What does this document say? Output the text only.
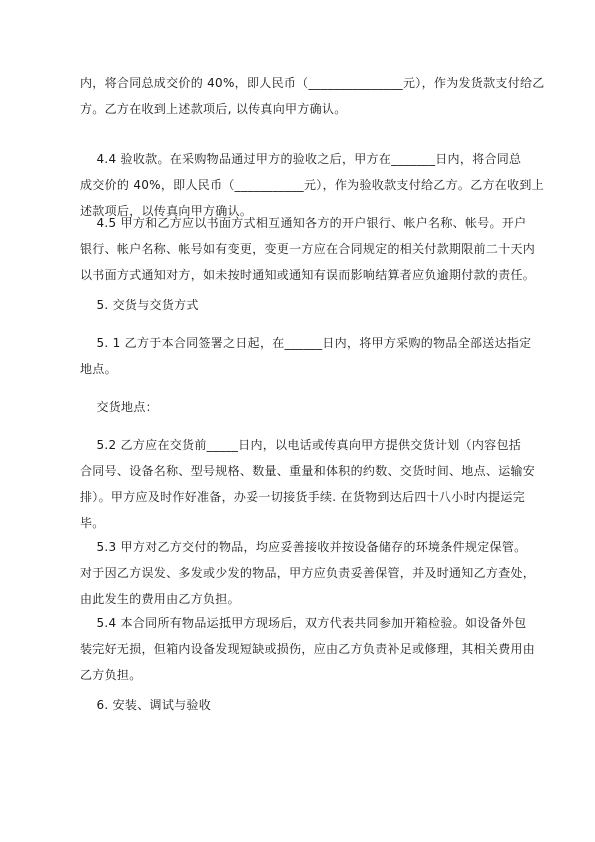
内，将合同总成交价的 40%，即人民币（_______________元），作为发货款支付给乙
方。乙方在收到上述款项后, 以传真向甲方确认。

4.4 验收款。在采购物品通过甲方的验收之后，甲方在_______日内，将合同总
成交价的 40%，即人民币（___________元），作为验收款支付给乙方。乙方在收到上
述款项后，以传真向甲方确认。

4.5 甲方和乙方应以书面方式相互通知各方的开户银行、帐户名称、帐号。开户
银行、帐户名称、帐号如有变更，变更一方应在合同规定的相关付款期限前二十天内
以书面方式通知对方，如未按时通知或通知有误而影响结算者应负逾期付款的责任。

5. 交货与交货方式

5. 1 乙方于本合同签署之日起，在______日内，将甲方采购的物品全部送达指定
地点。

交货地点：

5.2 乙方应在交货前_____日内，以电话或传真向甲方提供交货计划（内容包括
合同号、设备名称、型号规格、数量、重量和体积的约数、交货时间、地点、运输安
排）。甲方应及时作好准备，办妥一切接货手续. 在货物到达后四十八小时内提运完
毕。

5.3 甲方对乙方交付的物品，均应妥善接收并按设备储存的环境条件规定保管。
对于因乙方误发、多发或少发的物品，甲方应负责妥善保管，并及时通知乙方查处，
由此发生的费用由乙方负担。

5.4 本合同所有物品运抵甲方现场后，双方代表共同参加开箱检验。如设备外包
装完好无损，但箱内设备发现短缺或损伤，应由乙方负责补足或修理，其相关费用由
乙方负担。

6. 安装、调试与验收
